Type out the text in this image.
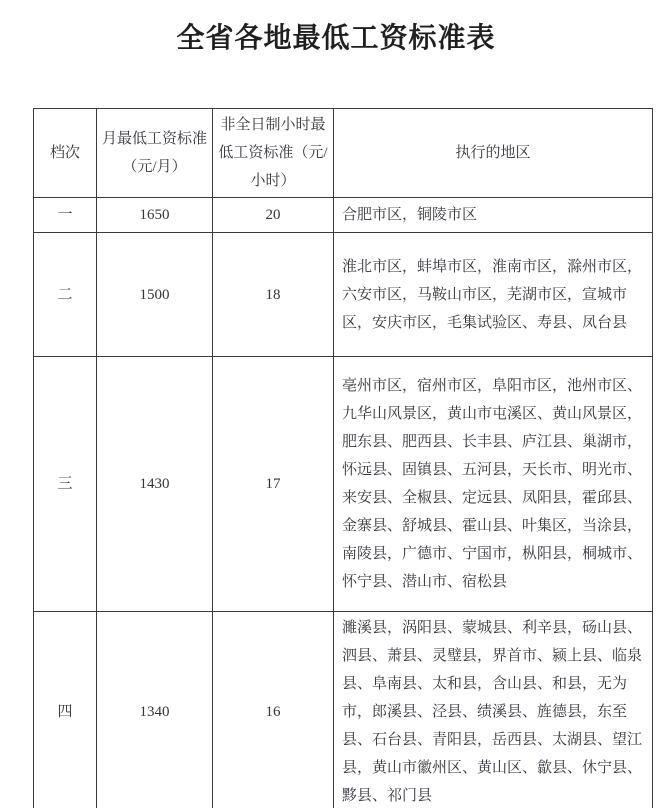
全省各地最低工资标准表
档次	月最低工资标准（元/月）	非全日制小时最低工资标准（元/小时）	执行的地区
一	1650	20	合肥市区，铜陵市区
二	1500	18	淮北市区，蚌埠市区，淮南市区，滁州市区，六安市区，马鞍山市区，芜湖市区，宣城市区，安庆市区，毛集试验区、寿县、凤台县
三	1430	17	亳州市区，宿州市区，阜阳市区，池州市区、九华山风景区，黄山市屯溪区、黄山风景区，肥东县、肥西县、长丰县、庐江县、巢湖市，怀远县、固镇县、五河县，天长市、明光市、来安县、全椒县、定远县、凤阳县，霍邱县、金寨县、舒城县、霍山县、叶集区，当涂县，南陵县，广德市、宁国市，枞阳县，桐城市、怀宁县、潜山市、宿松县
四	1340	16	濉溪县，涡阳县、蒙城县、利辛县，砀山县、泗县、萧县、灵璧县，界首市、颍上县、临泉县、阜南县、太和县，含山县、和县，无为市，郎溪县、泾县、绩溪县、旌德县，东至县、石台县、青阳县，岳西县、太湖县、望江县，黄山市徽州区、黄山区、歙县、休宁县、黟县、祁门县
